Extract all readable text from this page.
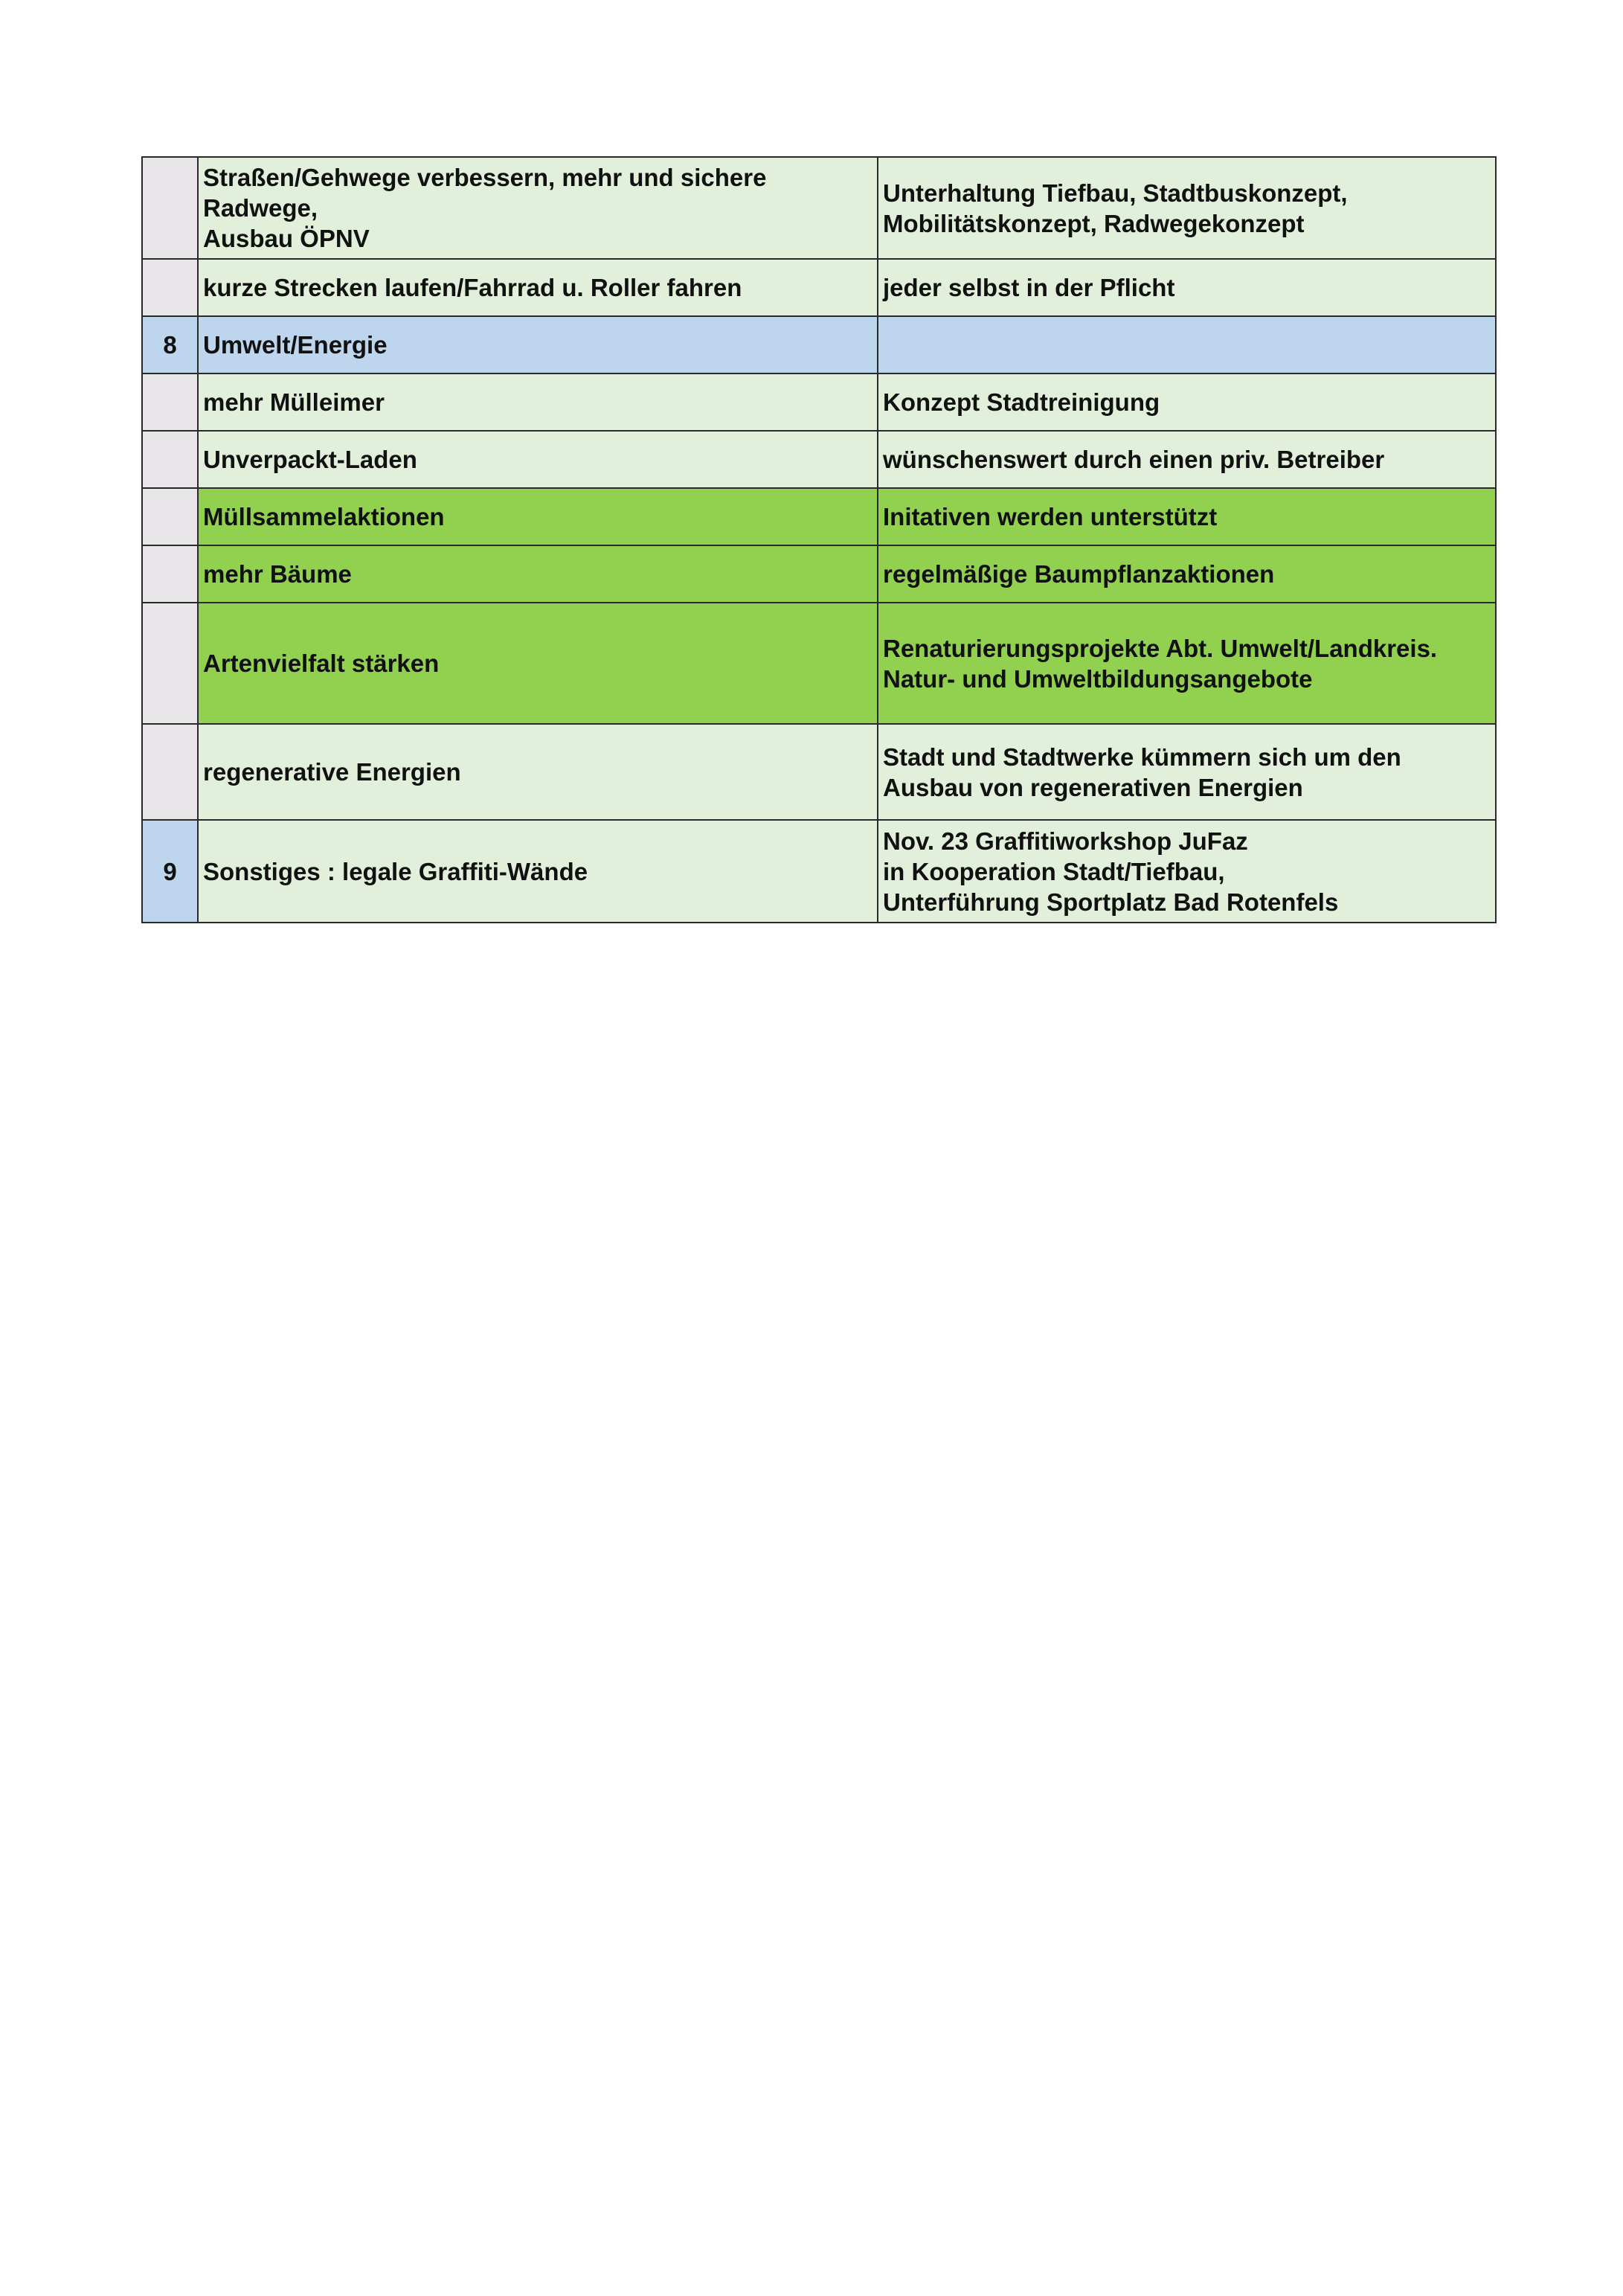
	Straßen/Gehwege verbessern, mehr und sichere Radwege,
Ausbau ÖPNV	Unterhaltung Tiefbau, Stadtbuskonzept,
Mobilitätskonzept, Radwegekonzept
	kurze Strecken laufen/Fahrrad u. Roller fahren	jeder selbst in der Pflicht
8	Umwelt/Energie	
	mehr Mülleimer	Konzept Stadtreinigung
	Unverpackt-Laden	wünschenswert durch einen priv. Betreiber
	Müllsammelaktionen	Initativen werden unterstützt
	mehr Bäume	regelmäßige Baumpflanzaktionen
	Artenvielfalt stärken	Renaturierungsprojekte Abt. Umwelt/Landkreis.
Natur- und Umweltbildungsangebote
	regenerative Energien	Stadt und Stadtwerke kümmern sich um den
Ausbau von regenerativen Energien
9	Sonstiges : legale Graffiti-Wände	Nov. 23 Graffitiworkshop JuFaz
in Kooperation Stadt/Tiefbau,
Unterführung Sportplatz Bad Rotenfels
